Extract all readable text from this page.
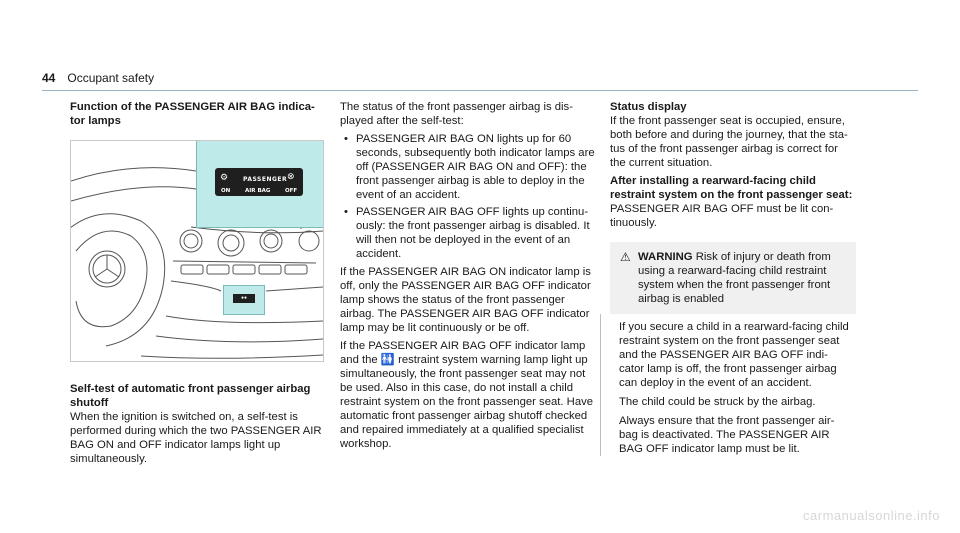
44 Occupant safety

Function of the PASSENGER AIR BAG indica- tor lamps

⚙ PASSENGER ⊗
ON	AIR BAG	OFF
●●

Self-test of automatic front passenger airbag shutoff

When the ignition is switched on, a self-test is performed during which the two PASSENGER AIR BAG ON and OFF indicator lamps light up simultaneously.

The status of the front passenger airbag is dis- played after the self-test:

• PASSENGER AIR BAG ON lights up for 60 seconds, subsequently both indicator lamps are off (PASSENGER AIR BAG ON and OFF): the front passenger airbag is able to deploy in the event of an accident.
• PASSENGER AIR BAG OFF lights up continu- ously: the front passenger airbag is disabled. It will then not be deployed in the event of an accident.

If the PASSENGER AIR BAG ON indicator lamp is off, only the PASSENGER AIR BAG OFF indicator lamp shows the status of the front passenger airbag. The PASSENGER AIR BAG OFF indicator lamp may be lit continuously or be off.

If the PASSENGER AIR BAG OFF indicator lamp and the 🚻 restraint system warning lamp light up simultaneously, the front passenger seat may not be used. Also in this case, do not install a child restraint system on the front passenger seat. Have automatic front passenger airbag shutoff checked and repaired immediately at a qualified specialist workshop.

Status display

If the front passenger seat is occupied, ensure, both before and during the journey, that the sta- tus of the front passenger airbag is correct for the current situation.

After installing a rearward-facing child restraint system on the front passenger seat: PASSENGER AIR BAG OFF must be lit con- tinuously.

⚠ WARNING Risk of injury or death from using a rearward-facing child restraint system when the front passenger front airbag is enabled

If you secure a child in a rearward-facing child restraint system on the front passenger seat and the PASSENGER AIR BAG OFF indi- cator lamp is off, the front passenger airbag can deploy in the event of an accident.

The child could be struck by the airbag.

Always ensure that the front passenger air- bag is deactivated. The PASSENGER AIR BAG OFF indicator lamp must be lit.

carmanualsonline.info
